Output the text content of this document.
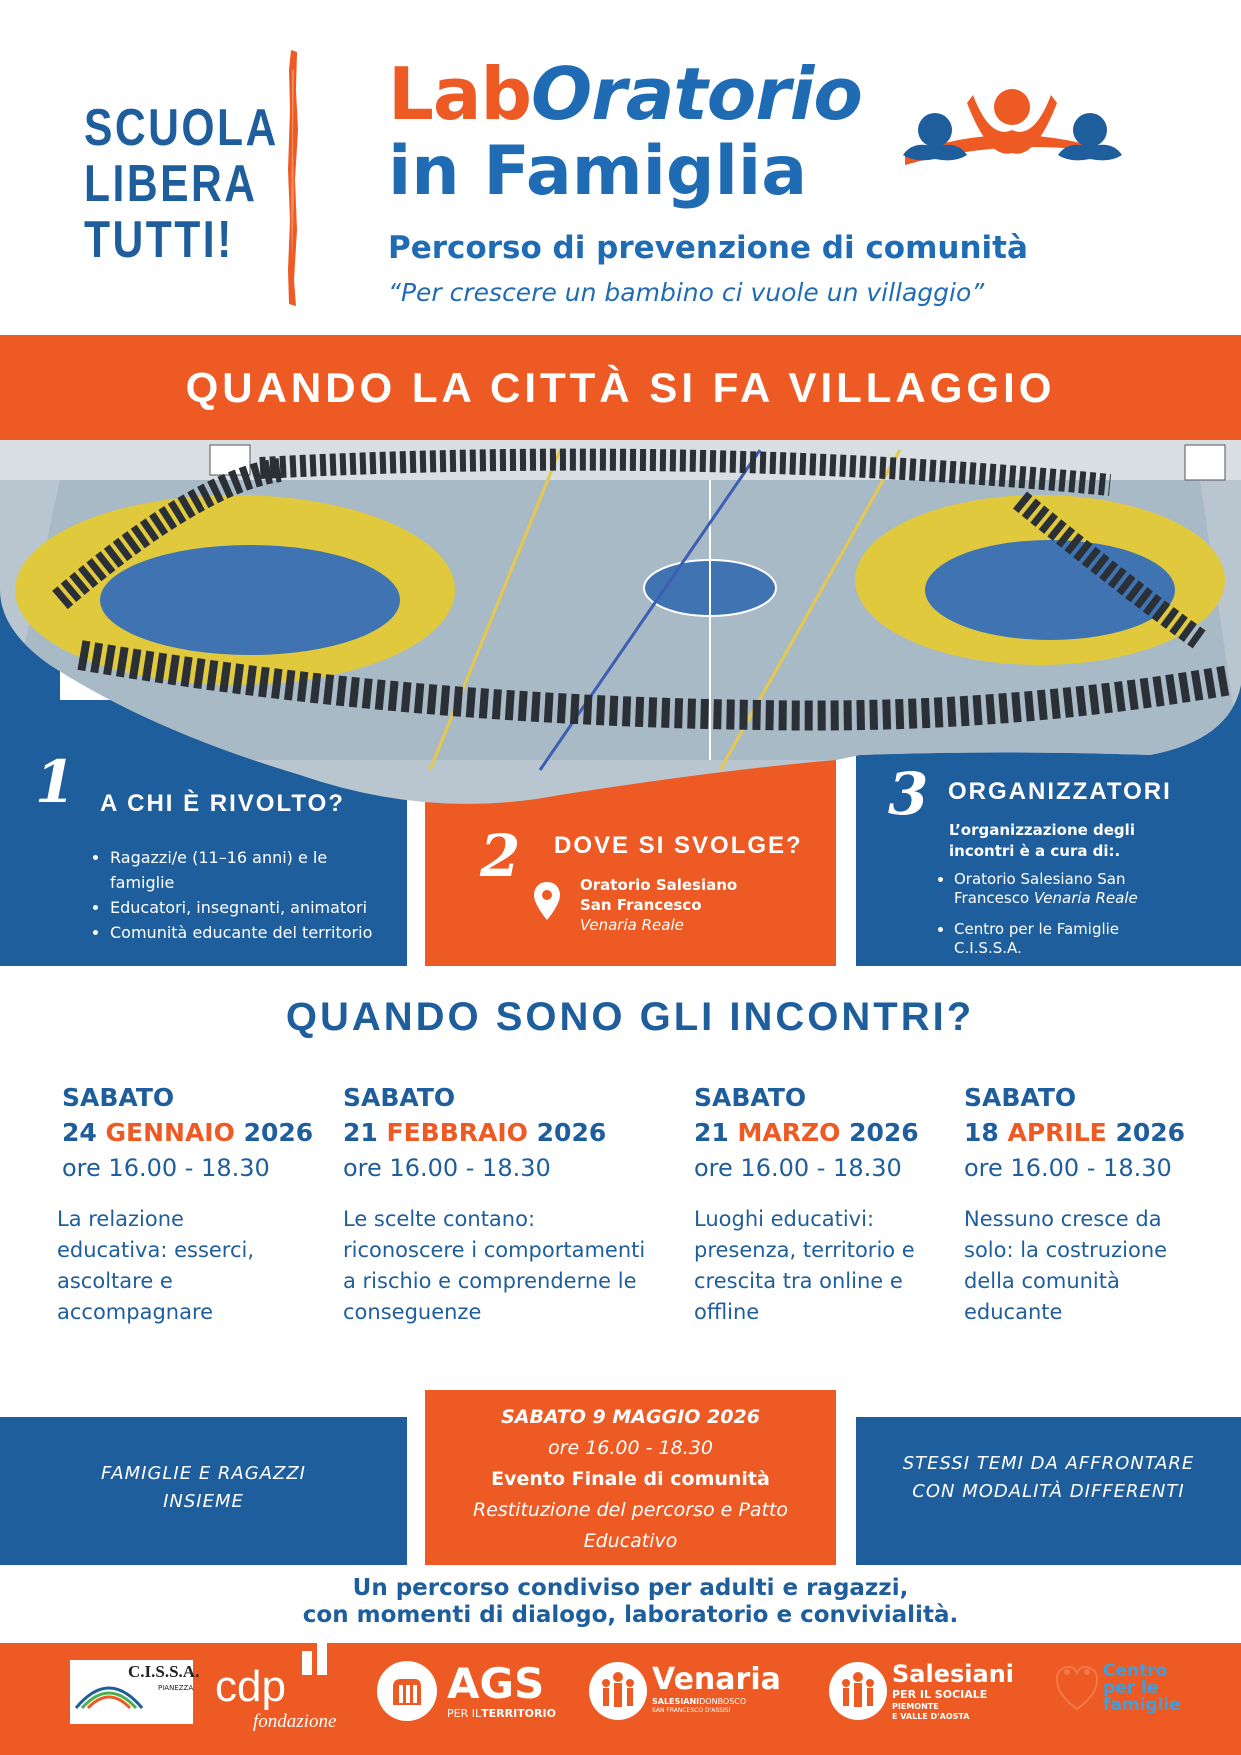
SCUOLA
LIBERA
TUTTI!
LabOratorio
in Famiglia
Percorso di prevenzione di comunità
“Per crescere un bambino ci vuole un villaggio”
QUANDO LA CITTÀ SI FA VILLAGGIO
1 A CHI È RIVOLTO?
• Ragazzi/e (11–16 anni) e le famiglie
• Educatori, insegnanti, animatori
• Comunità educante del territorio
2 DOVE SI SVOLGE?
Oratorio Salesiano
San Francesco
Venaria Reale
3 ORGANIZZATORI
L’organizzazione degli incontri è a cura di:.
• Oratorio Salesiano San Francesco Venaria Reale
• Centro per le Famiglie C.I.S.S.A.
QUANDO SONO GLI INCONTRI?
SABATO
24 GENNAIO 2026
ore 16.00 - 18.30
La relazione educativa: esserci, ascoltare e accompagnare
SABATO
21 FEBBRAIO 2026
ore 16.00 - 18.30
Le scelte contano: riconoscere i comportamenti a rischio e comprenderne le conseguenze
SABATO
21 MARZO 2026
ore 16.00 - 18.30
Luoghi educativi: presenza, territorio e crescita tra online e offline
SABATO
18 APRILE 2026
ore 16.00 - 18.30
Nessuno cresce da solo: la costruzione della comunità educante
FAMIGLIE E RAGAZZI INSIEME
SABATO 9 MAGGIO 2026
ore 16.00 - 18.30
Evento Finale di comunità
Restituzione del percorso e Patto Educativo
STESSI TEMI DA AFFRONTARE CON MODALITÀ DIFFERENTI
Un percorso condiviso per adulti e ragazzi,
con momenti di dialogo, laboratorio e convivialità.
C.I.S.S.A.
PIANEZZA cdp
fondazione
AGS
PER ILTERRITORIO
Venaria
SALESIANIDONBOSCO
SAN FRANCESCO D'ASSISI
Salesiani
PER IL SOCIALE
PIEMONTE
E VALLE D'AOSTA
Centro
per le
famiglie
